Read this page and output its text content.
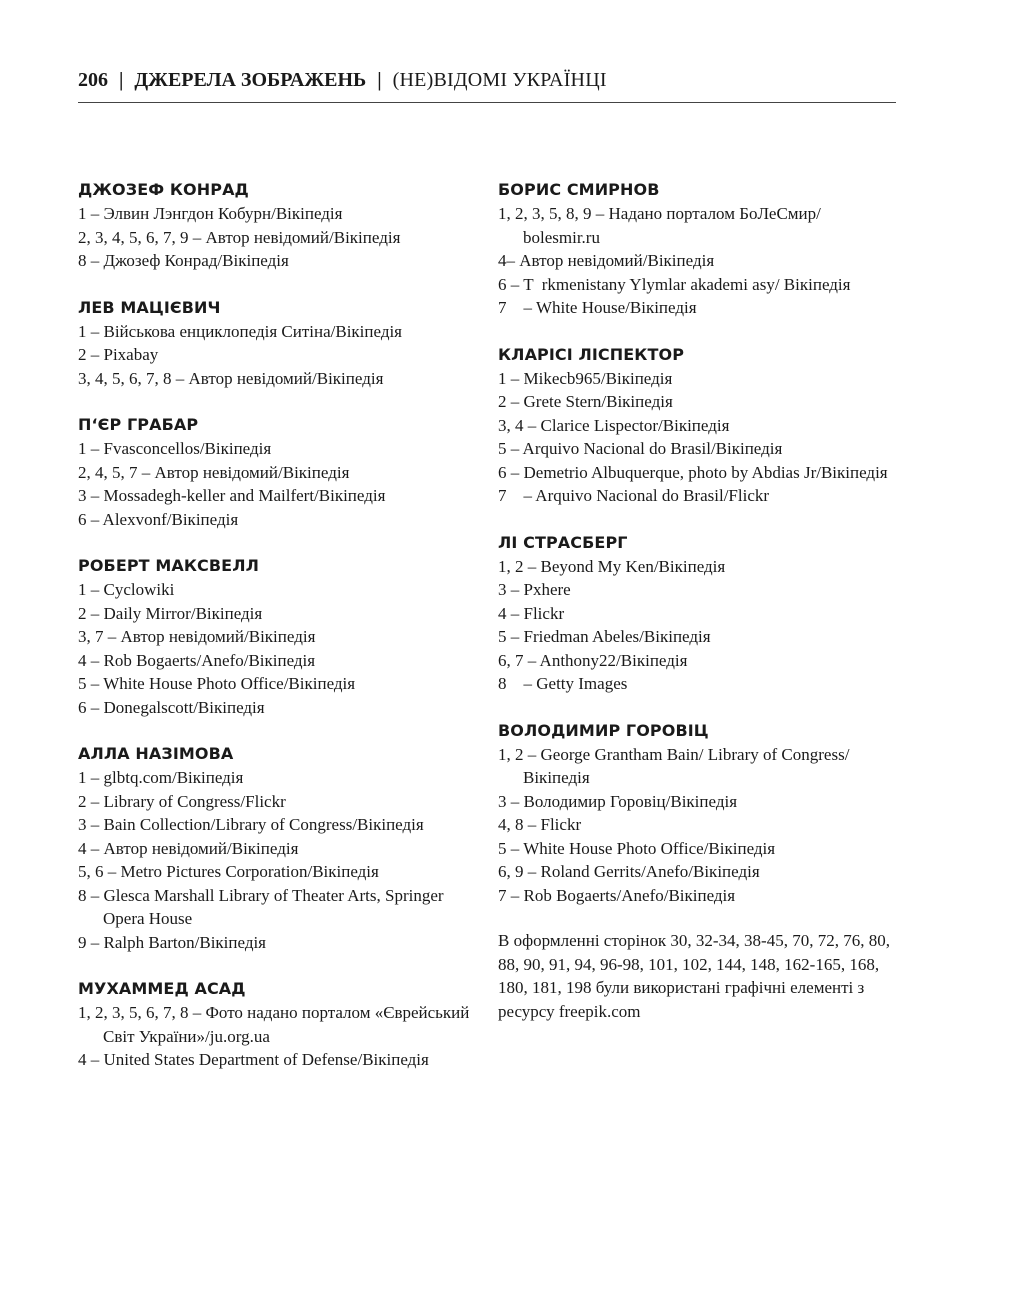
206 | ДЖЕРЕЛА ЗОБРАЖЕНЬ | (НЕ)ВІДОМІ УКРАЇНЦІ
ДЖОЗЕФ КОНРАД

1 – Элвин Лэнгдон Кобурн/Вікіпедія

2, 3, 4, 5, 6, 7, 9 – Автор невідомий/Вікіпедія

8 – Джозеф Конрад/Вікіпедія

ЛЕВ МАЦІЄВИЧ

1 – Військова енциклопедія Ситіна/Вікіпедія

2 – Pixabay

3, 4, 5, 6, 7, 8 – Автор невідомий/Вікіпедія

П‘ЄР ГРАБАР

1 – Fvasconcellos/Вікіпедія

2, 4, 5, 7 – Автор невідомий/Вікіпедія

3 – Mossadegh-keller and Mailfert/Вікіпедія

6 – Alexvonf/Вікіпедія

РОБЕРТ МАКСВЕЛЛ

1 – Cyclowiki

2 – Daily Mirror/Вікіпедія

3, 7 – Автор невідомий/Вікіпедія

4 – Rob Bogaerts/Anefo/Вікіпедія

5 – White House Photo Office/Вікіпедія

6 – Donegalscott/Вікіпедія

АЛЛА НАЗІМОВА

1 – glbtq.com/Вікіпедія

2 – Library of Congress/Flickr

3 – Bain Collection/Library of Congress/Вікіпедія

4 – Автор невідомий/Вікіпедія

5, 6 – Metro Pictures Corporation/Вікіпедія

8 – Glesca Marshall Library of Theater Arts, Springer Opera House

9 – Ralph Barton/Вікіпедія

МУХАММЕД АСАД

1, 2, 3, 5, 6, 7, 8 – Фото надано порталом «Єврейський Світ України»/ju.org.ua

4 – United States Department of Defense/Вікіпедія

БОРИС СМИРНОВ

1, 2, 3, 5, 8, 9 – Надано порталом БоЛеСмир/ bolesmir.ru

4– Автор невідомий/Вікіпедія

6 – T  rkmenistany Ylymlar akademi asy/ Вікіпедія

7    – White House/Вікіпедія

КЛАРІСІ ЛІСПЕКТОР

1 – Mikecb965/Вікіпедія

2 – Grete Stern/Вікіпедія

3, 4 – Clarice Lispector/Вікіпедія

5 – Arquivo Nacional do Brasil/Вікіпедія

6 – Demetrio Albuquerque, photo by Abdias Jr/Вікіпедія

7    – Arquivo Nacional do Brasil/Flickr

ЛІ СТРАСБЕРГ

1, 2 – Beyond My Ken/Вікіпедія

3 – Pxhere

4 – Flickr

5 – Friedman Abeles/Вікіпедія

6, 7 – Anthony22/Вікіпедія

8    – Getty Images

ВОЛОДИМИР ГОРОВІЦ

1, 2 – George Grantham Bain/ Library of Congress/Вікіпедія

3 – Володимир Горовіц/Вікіпедія

4, 8 – Flickr

5 – White House Photo Office/Вікіпедія

6, 9 – Roland Gerrits/Anefo/Вікіпедія

7 – Rob Bogaerts/Anefo/Вікіпедія

В оформленні сторінок 30, 32-34, 38-45, 70, 72, 76, 80, 88, 90, 91, 94, 96-98, 101, 102, 144, 148, 162-165, 168, 180, 181, 198 були використані графічні елементі з ресурсу freepik.com
